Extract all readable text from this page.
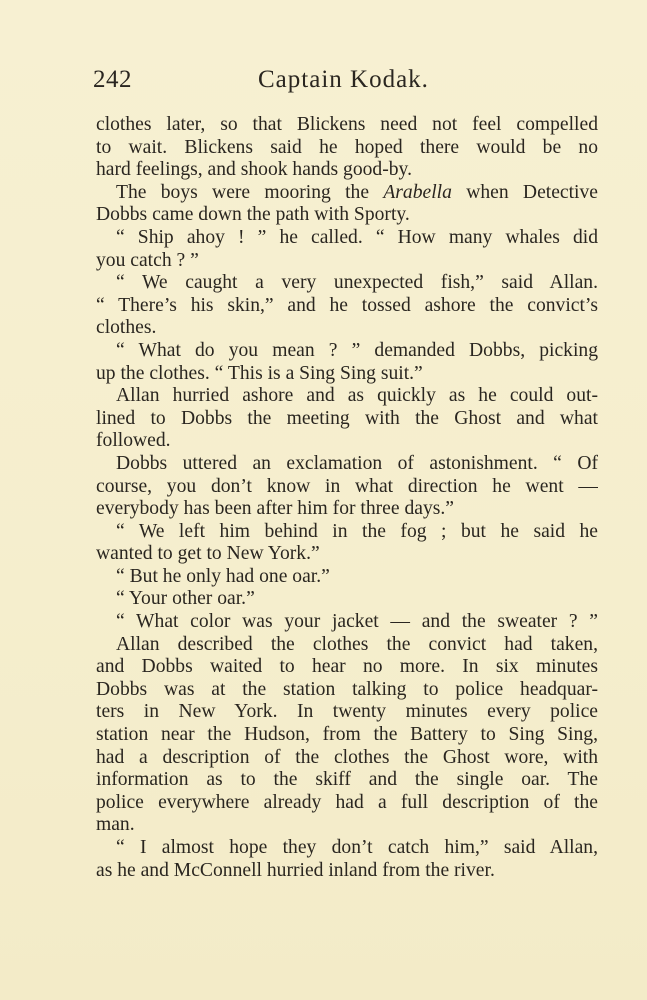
242	Captain Kodak.
clothes later, so that Blickens need not feel compelled
to wait. Blickens said he hoped there would be no
hard feelings, and shook hands good-by.
The boys were mooring the Arabella when Detective
Dobbs came down the path with Sporty.
“ Ship ahoy ! ” he called. “ How many whales did
you catch ? ”
“ We caught a very unexpected fish,” said Allan.
“ There’s his skin,” and he tossed ashore the convict’s
clothes.
“ What do you mean ? ” demanded Dobbs, picking
up the clothes. “ This is a Sing Sing suit.”
Allan hurried ashore and as quickly as he could out-
lined to Dobbs the meeting with the Ghost and what
followed.
Dobbs uttered an exclamation of astonishment. “ Of
course, you don’t know in what direction he went —
everybody has been after him for three days.”
“ We left him behind in the fog ; but he said he
wanted to get to New York.”
“ But he only had one oar.”
“ Your other oar.”
“ What color was your jacket — and the sweater ? ”
Allan described the clothes the convict had taken,
and Dobbs waited to hear no more. In six minutes
Dobbs was at the station talking to police headquar-
ters in New York. In twenty minutes every police
station near the Hudson, from the Battery to Sing Sing,
had a description of the clothes the Ghost wore, with
information as to the skiff and the single oar. The
police everywhere already had a full description of the
man.
“ I almost hope they don’t catch him,” said Allan,
as he and McConnell hurried inland from the river.
